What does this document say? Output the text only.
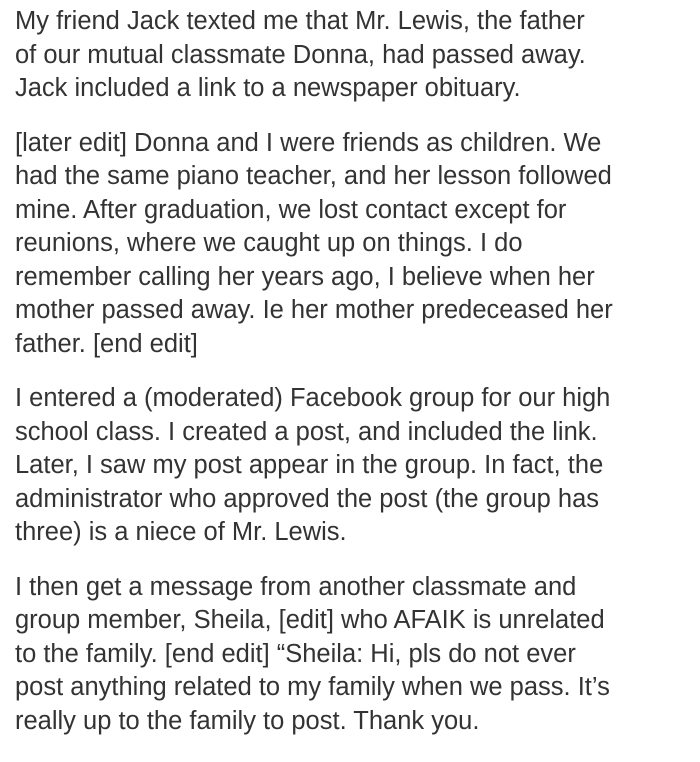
My friend Jack texted me that Mr. Lewis, the father
of our mutual classmate Donna, had passed away.
Jack included a link to a newspaper obituary.

[later edit] Donna and I were friends as children. We
had the same piano teacher, and her lesson followed
mine. After graduation, we lost contact except for
reunions, where we caught up on things. I do
remember calling her years ago, I believe when her
mother passed away. Ie her mother predeceased her
father. [end edit]

I entered a (moderated) Facebook group for our high
school class. I created a post, and included the link.
Later, I saw my post appear in the group. In fact, the
administrator who approved the post (the group has
three) is a niece of Mr. Lewis.

I then get a message from another classmate and
group member, Sheila, [edit] who AFAIK is unrelated
to the family. [end edit] “Sheila: Hi, pls do not ever
post anything related to my family when we pass. It’s
really up to the family to post. Thank you.
